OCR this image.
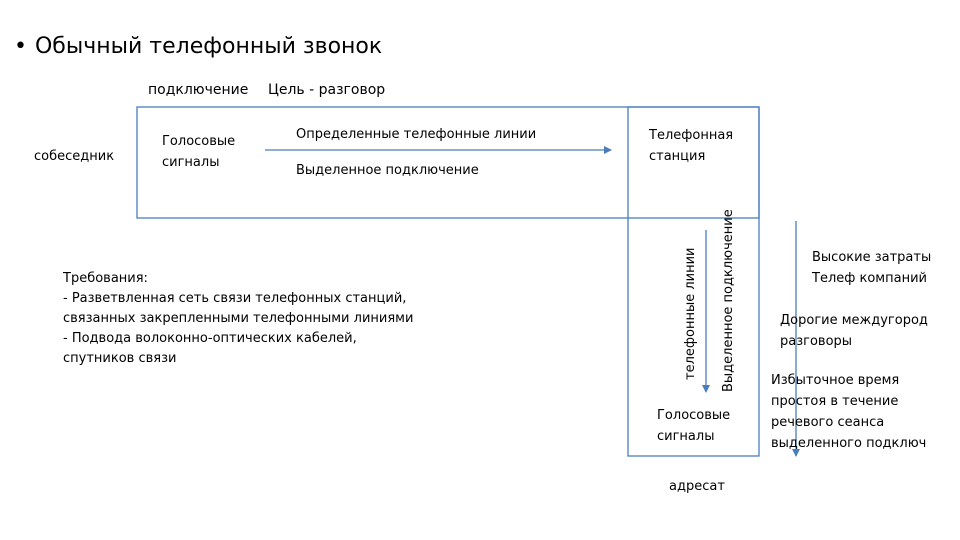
• Обычный телефонный звонок
подключение Цель - разговор
собеседник
Голосовые
сигналы
Определенные телефонные линии
Выделенное подключение
Телефонная
станция
телефонные линии Выделенное подключение
Голосовые
сигналы
адресат
Требования:
- Разветвленная сеть связи телефонных станций,
связанных закрепленными телефонными линиями
- Подвода волоконно-оптических кабелей,
спутников связи
Высокие затраты
Телеф компаний
Дорогие междугород
разговоры
Избыточное время
простоя в течение
речевого сеанса
выделенного подключ
